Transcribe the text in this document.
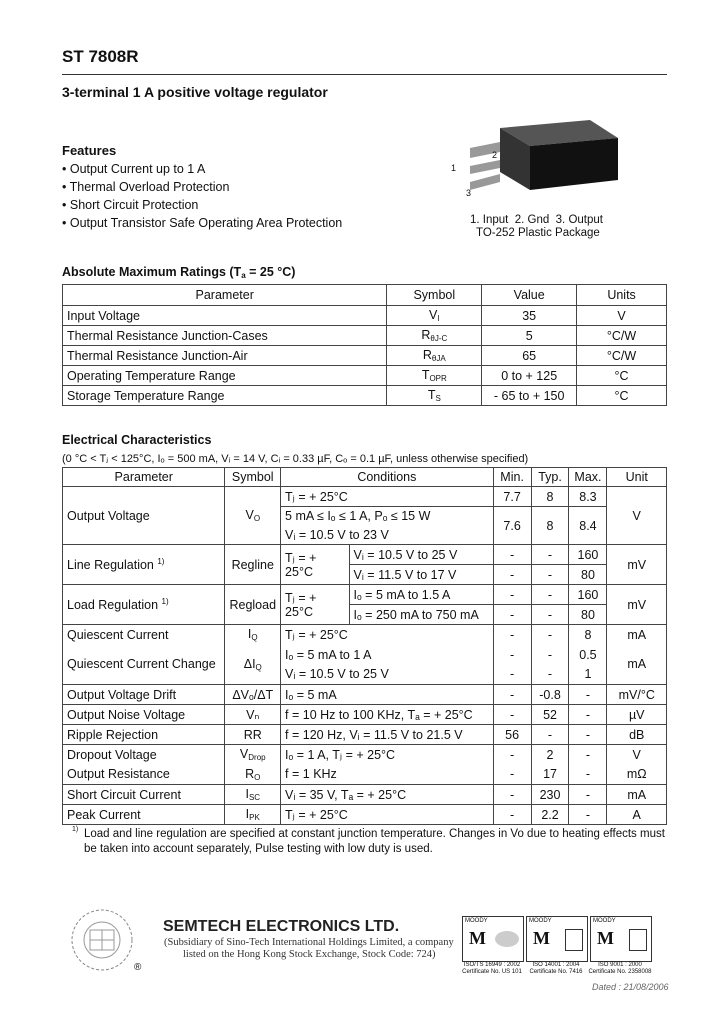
ST 7808R
3-terminal 1 A positive voltage regulator
Features
• Output Current up to 1 A
• Thermal Overload Protection
• Short Circuit Protection
• Output Transistor Safe Operating Area Protection
1
2
3
1. Input  2. Gnd  3. Output
TO-252 Plastic Package
Absolute Maximum Ratings ($T_a = 25$ °C)
Parameter	Symbol	Value	Units
Input Voltage	$V_I$	35	V
Thermal Resistance Junction-Cases	$R_{\theta J-C}$	5	°C/W
Thermal Resistance Junction-Air	$R_{\theta JA}$	65	°C/W
Operating Temperature Range	$T_{OPR}$	0 to + 125	°C
Storage Temperature Range	$T_S$	- 65 to + 150	°C
Electrical Characteristics
(0 °C < Tⱼ < 125°C, Iₒ = 500 mA, Vᵢ = 14 V, Cᵢ = 0.33 µF, Cₒ = 0.1 µF, unless otherwise specified)
Parameter	Symbol	Conditions		Min.	Typ.	Max.	Unit
Output Voltage	$V_O$	Tⱼ = + 25°C		7.7	8	8.3	V
		5 mA ≤ Iₒ ≤ 1 A, Pₒ ≤ 15 W		7.6	8	8.4	
		Vᵢ = 10.5 V to 23 V					
Line Regulation $^{1)}$	Regline	Tⱼ = + 25°C	Vᵢ = 10.5 V to 25 V	-	-	160	mV
			Vᵢ = 11.5 V to 17 V	-	-	80	
Load Regulation $^{1)}$	Regload	Tⱼ = + 25°C	Iₒ = 5 mA to 1.5 A	-	-	160	mV
			Iₒ = 250 mA to 750 mA	-	-	80	
Quiescent Current	$I_Q$	Tⱼ = + 25°C		-	-	8	mA
Quiescent Current Change	$\Delta I_Q$	Iₒ = 5 mA to 1 A		-	-	0.5	mA
		Vᵢ = 10.5 V to 25 V		-	-	1	
Output Voltage Drift	ΔVₒ/ΔT	Iₒ = 5 mA		-	-0.8	-	mV/°C
Output Noise Voltage	Vₙ	f = 10 Hz to 100 KHz, Tₐ = + 25°C		-	52	-	µV
Ripple Rejection	RR	f = 120 Hz, Vᵢ = 11.5 V to 21.5 V		56	-	-	dB
Dropout Voltage	$V_{Drop}$	Iₒ = 1 A, Tⱼ = + 25°C		-	2	-	V
Output Resistance	$R_O$	f = 1 KHz		-	17	-	mΩ
Short Circuit Current	$I_{SC}$	Vᵢ = 35 V, Tₐ = + 25°C		-	230	-	mA
Peak Current	$I_{PK}$	Tⱼ = + 25°C		-	2.2	-	A
1) Load and line regulation are specified at constant junction temperature. Changes in Vo due to heating effects must be taken into account separately, Pulse testing with low duty is used.
®
SEMTECH ELECTRONICS LTD.
(Subsidiary of Sino-Tech International Holdings Limited, a company
listed on the Hong Kong Stock Exchange, Stock Code: 724)
MOODY
M
ISO/TS 16949 : 2002
Certificate No. US 101
MOODY
M
ISO 14001 : 2004
Certificate No. 7416
MOODY
M
ISO 9001 : 2000
Certificate No. 2358008
Dated : 21/08/2006
